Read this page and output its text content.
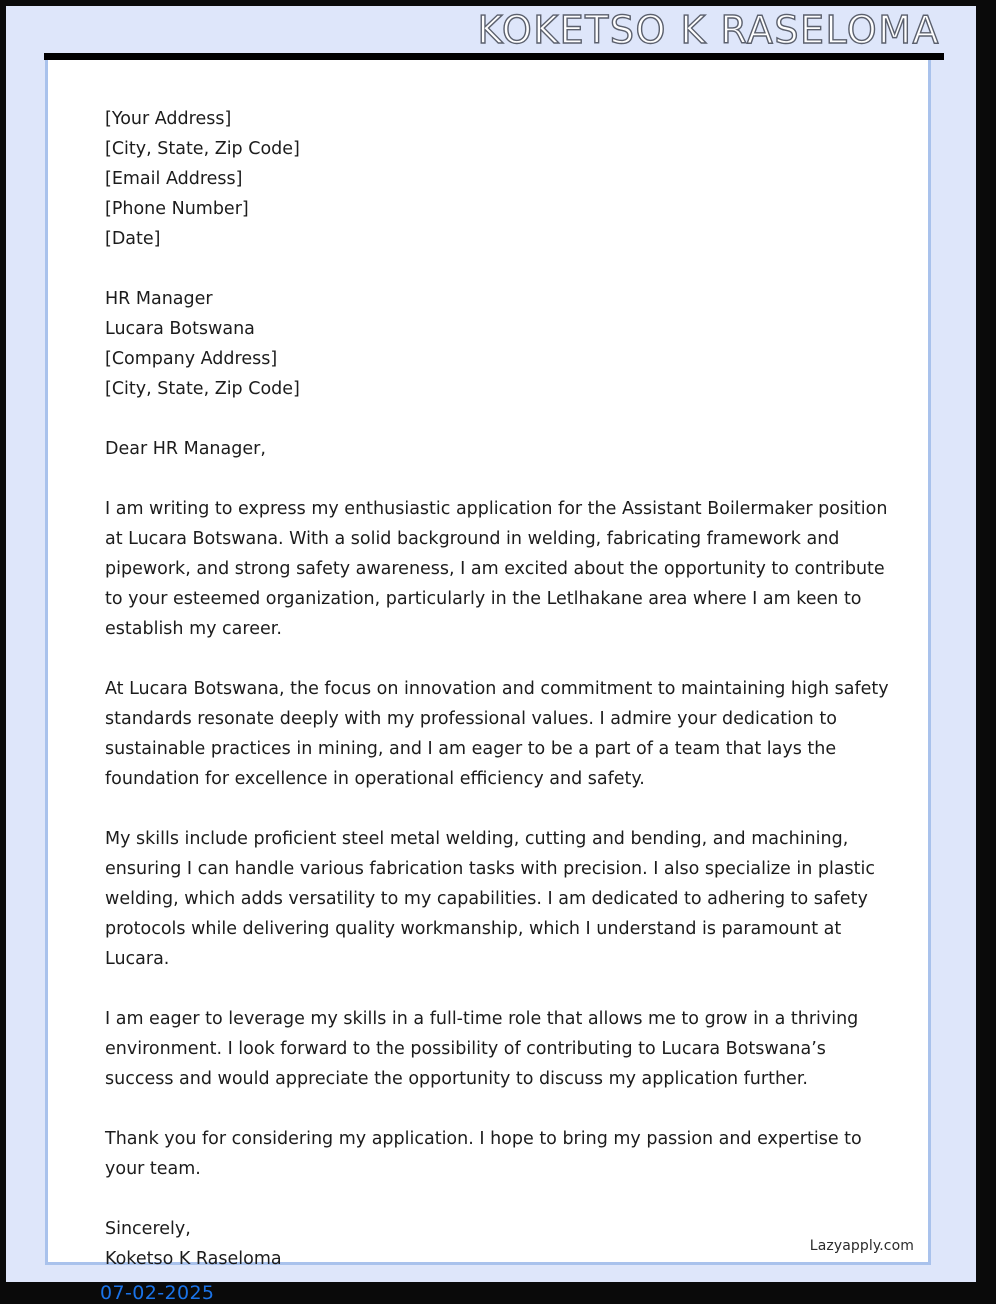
KOKETSO K RASELOMA
[Your Address]
[City, State, Zip Code]
[Email Address]
[Phone Number]
[Date]
HR Manager
Lucara Botswana
[Company Address]
[City, State, Zip Code]
Dear HR Manager,

I am writing to express my enthusiastic application for the Assistant Boilermaker position at Lucara Botswana. With a solid background in welding, fabricating framework and pipework, and strong safety awareness, I am excited about the opportunity to contribute to your esteemed organization, particularly in the Letlhakane area where I am keen to establish my career.

At Lucara Botswana, the focus on innovation and commitment to maintaining high safety standards resonate deeply with my professional values. I admire your dedication to sustainable practices in mining, and I am eager to be a part of a team that lays the foundation for excellence in operational efficiency and safety.

My skills include proficient steel metal welding, cutting and bending, and machining, ensuring I can handle various fabrication tasks with precision. I also specialize in plastic welding, which adds versatility to my capabilities. I am dedicated to adhering to safety protocols while delivering quality workmanship, which I understand is paramount at Lucara.

I am eager to leverage my skills in a full-time role that allows me to grow in a thriving environment. I look forward to the possibility of contributing to Lucara Botswana’s success and would appreciate the opportunity to discuss my application further.

Thank you for considering my application. I hope to bring my passion and expertise to your team.

Sincerely,
Koketso K Raseloma
Lazyapply.com
07-02-2025
